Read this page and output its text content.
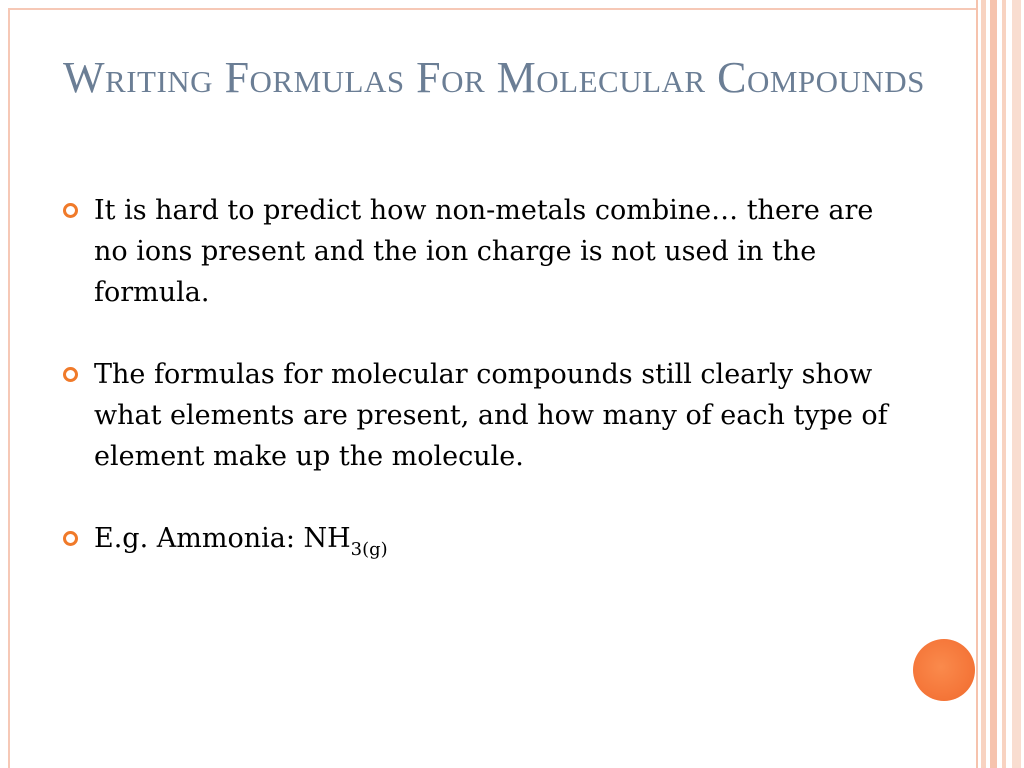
Writing Formulas For Molecular Compounds
It is hard to predict how non-metals combine… there are no ions present and the ion charge is not used in the formula.
The formulas for molecular compounds still clearly show what elements are present, and how many of each type of element make up the molecule.
E.g. Ammonia: $NH_{3(g)}$
